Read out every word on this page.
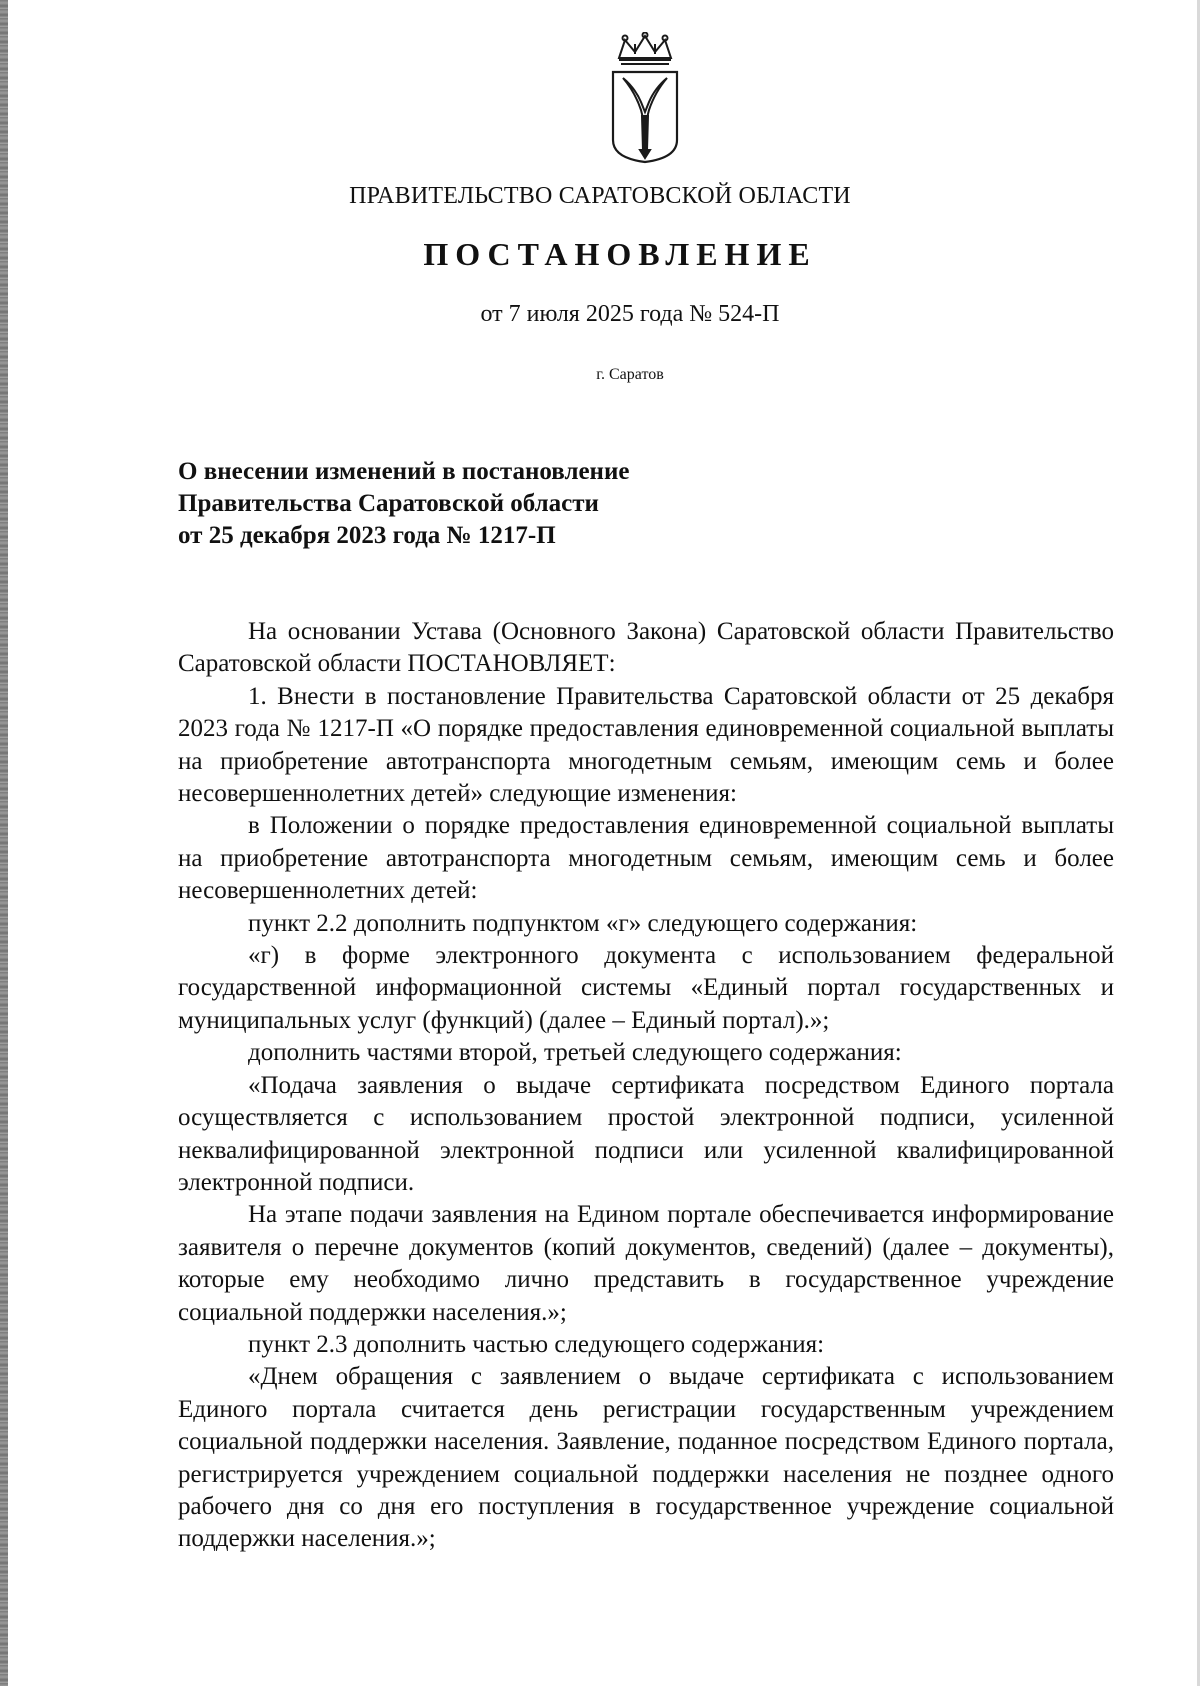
ПРАВИТЕЛЬСТВО САРАТОВСКОЙ ОБЛАСТИ
ПОСТАНОВЛЕНИЕ
от 7 июля 2025 года № 524-П
г. Саратов
О внесении изменений в постановление
Правительства Саратовской области
от 25 декабря 2023 года № 1217-П

На основании Устава (Основного Закона) Саратовской области Правительство Саратовской области ПОСТАНОВЛЯЕТ:

1. Внести в постановление Правительства Саратовской области от 25 декабря 2023 года № 1217-П «О порядке предоставления единовременной социальной выплаты на приобретение автотранспорта многодетным семьям, имеющим семь и более несовершеннолетних детей» следующие изменения:

в Положении о порядке предоставления единовременной социальной выплаты на приобретение автотранспорта многодетным семьям, имеющим семь и более несовершеннолетних детей:

пункт 2.2 дополнить подпунктом «г» следующего содержания:

«г) в форме электронного документа с использованием федеральной государственной информационной системы «Единый портал государственных и муниципальных услуг (функций) (далее – Единый портал).»;

дополнить частями второй, третьей следующего содержания:

«Подача заявления о выдаче сертификата посредством Единого портала осуществляется с использованием простой электронной подписи, усиленной неквалифицированной электронной подписи или усиленной квалифицированной электронной подписи.

На этапе подачи заявления на Едином портале обеспечивается информирование заявителя о перечне документов (копий документов, сведений) (далее – документы), которые ему необходимо лично представить в государственное учреждение социальной поддержки населения.»;

пункт 2.3 дополнить частью следующего содержания:

«Днем обращения с заявлением о выдаче сертификата с использованием Единого портала считается день регистрации государственным учреждением социальной поддержки населения. Заявление, поданное посредством Единого портала, регистрируется учреждением социальной поддержки населения не позднее одного рабочего дня со дня его поступления в государственное учреждение социальной поддержки населения.»;
